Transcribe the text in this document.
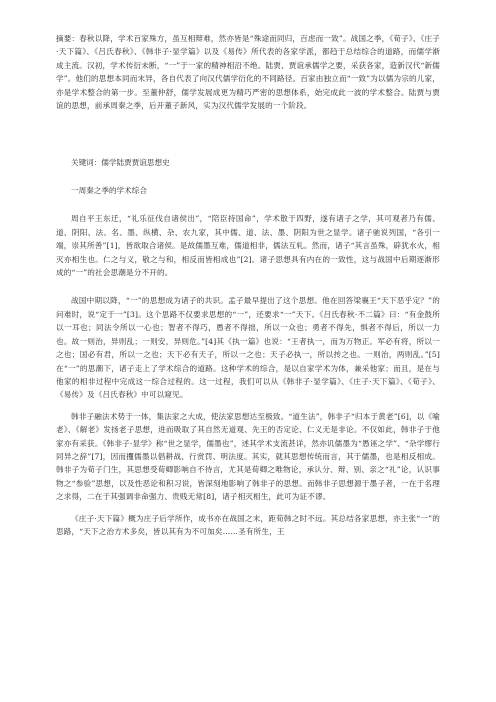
摘要：春秋以降，学术百家殊方，虽互相辩难，然亦皆是“殊途而同归，百虑而一致”。战国之季，《荀子》、《庄子·天下篇》、《吕氏春秋》、《韩非子·显学篇》以及《易传》所代表的各家学派，都趋于总结综合的道路，而儒学渐成主流。汉初，学术传衍未断，“一”于一家的精神相沿不绝。陆贾、贾谊承儒学之要，采获各家，造新汉代“新儒学”。他们的思想本同而末异，各自代表了向汉代儒学衍化的不同路径。百家由独立而“一致”为以儒为宗的儿家，亦是学术整合的第一步。至董仲舒，儒学发展成更为精巧严密的思想体系，始完成此一波的学术整合。陆贾与贾谊的思想，前承周秦之季，后开董子新风，实为汉代儒学发展的一个阶段。

关键词：儒学陆贾贾谊思想史

一周秦之季的学术综合

周自平王东迁，“礼乐征伐自诸侯出”，“陪臣持国命”，学术散于四野，遂有诸子之学，其可观者乃有儒、道、阴阳、法、名、墨、纵横、杂、农九家，其中儒、道、法、墨、阴阳为世之显学。诸子驰说列国，“各引一端，崇其所善”[1]，皆欲取合诸侯。是故儒墨互难，儒道相非，儒法互轧。然而，诸子“其言虽殊，辟犹水火，相灭亦相生也。仁之与义，敬之与和，相反而皆相成也”[2]。诸子思想具有内在的一致性，这与战国中后期逐渐形成的“一”的社会思潮是分不开的。

战国中期以降，“一”的思想成为诸子的共识。孟子最早提出了这个思想。他在回答梁襄王“天下恶乎定？”的问难时，说“定于一”[3]。这个思路不仅要求思想的“一”，还要求“一”天下。《吕氏春秋·不二篇》曰：“有金鼓所以一耳也；同法令所以一心也；智者不得巧，愚者不得拙，所以一众也；勇者不得先，惧者不得后，所以一力也。故一则治，异则乱；一则安，异则危。”[4]其《执一篇》也说：“王者执一，而为万物正。军必有将，所以一之也；国必有君，所以一之也；天下必有天子，所以一之也；天子必执一，所以抟之也。一则治，两则乱。”[5]在“一”的思潮下，诸子走上了学术综合的道路。这种学术的综合，是以自家学术为体，兼采他家；而且，是在与他家的相非过程中完成这一综合过程的。这一过程，我们可以从《韩非子·显学篇》、《庄子·天下篇》、《荀子》、《易传》及《吕氏春秋》中可以窥见。

韩非子融法术势于一体，集法家之大成，使法家思想达至极致。“道生法”，韩非子“归本于黄老”[6]，以《喻老》、《解老》发扬老子思想，进而吸取了其自然无道观、先王的否定论、仁义无是非论。不仅如此，韩非子于他家亦有采获。《韩非子·显学》称“世之显学，儒墨也”，述其学术支流甚详，然亦讥儒墨为“愚诬之学”、“杂学缪行同异之辞”[7]，因而攫儒墨以倡耕战、行赏罚、明法度。其实，就其思想传统而言，其于儒墨，也是相反相成。韩非子为荀子门生，其思想受荀卿影响自不待言，尤其是荀卿之唯物论，承认分、辩、别、亲之“礼”论，认识事物之“参验”思想，以及性恶论和积习说，皆深刻地影响了韩非子的思想。而韩非子思想源于墨子者，一在于名理之求得，二在于其强调非命强力、贵贱无常[8]，诸子相灭相生，此可为证不谬。

《庄子·天下篇》概为庄子后学所作，成书亦在战国之末，距荀韩之时不远。其总结各家思想，亦主张“一”的思路，“天下之治方术多矣，皆以其有为不可加矣……圣有所生，王
